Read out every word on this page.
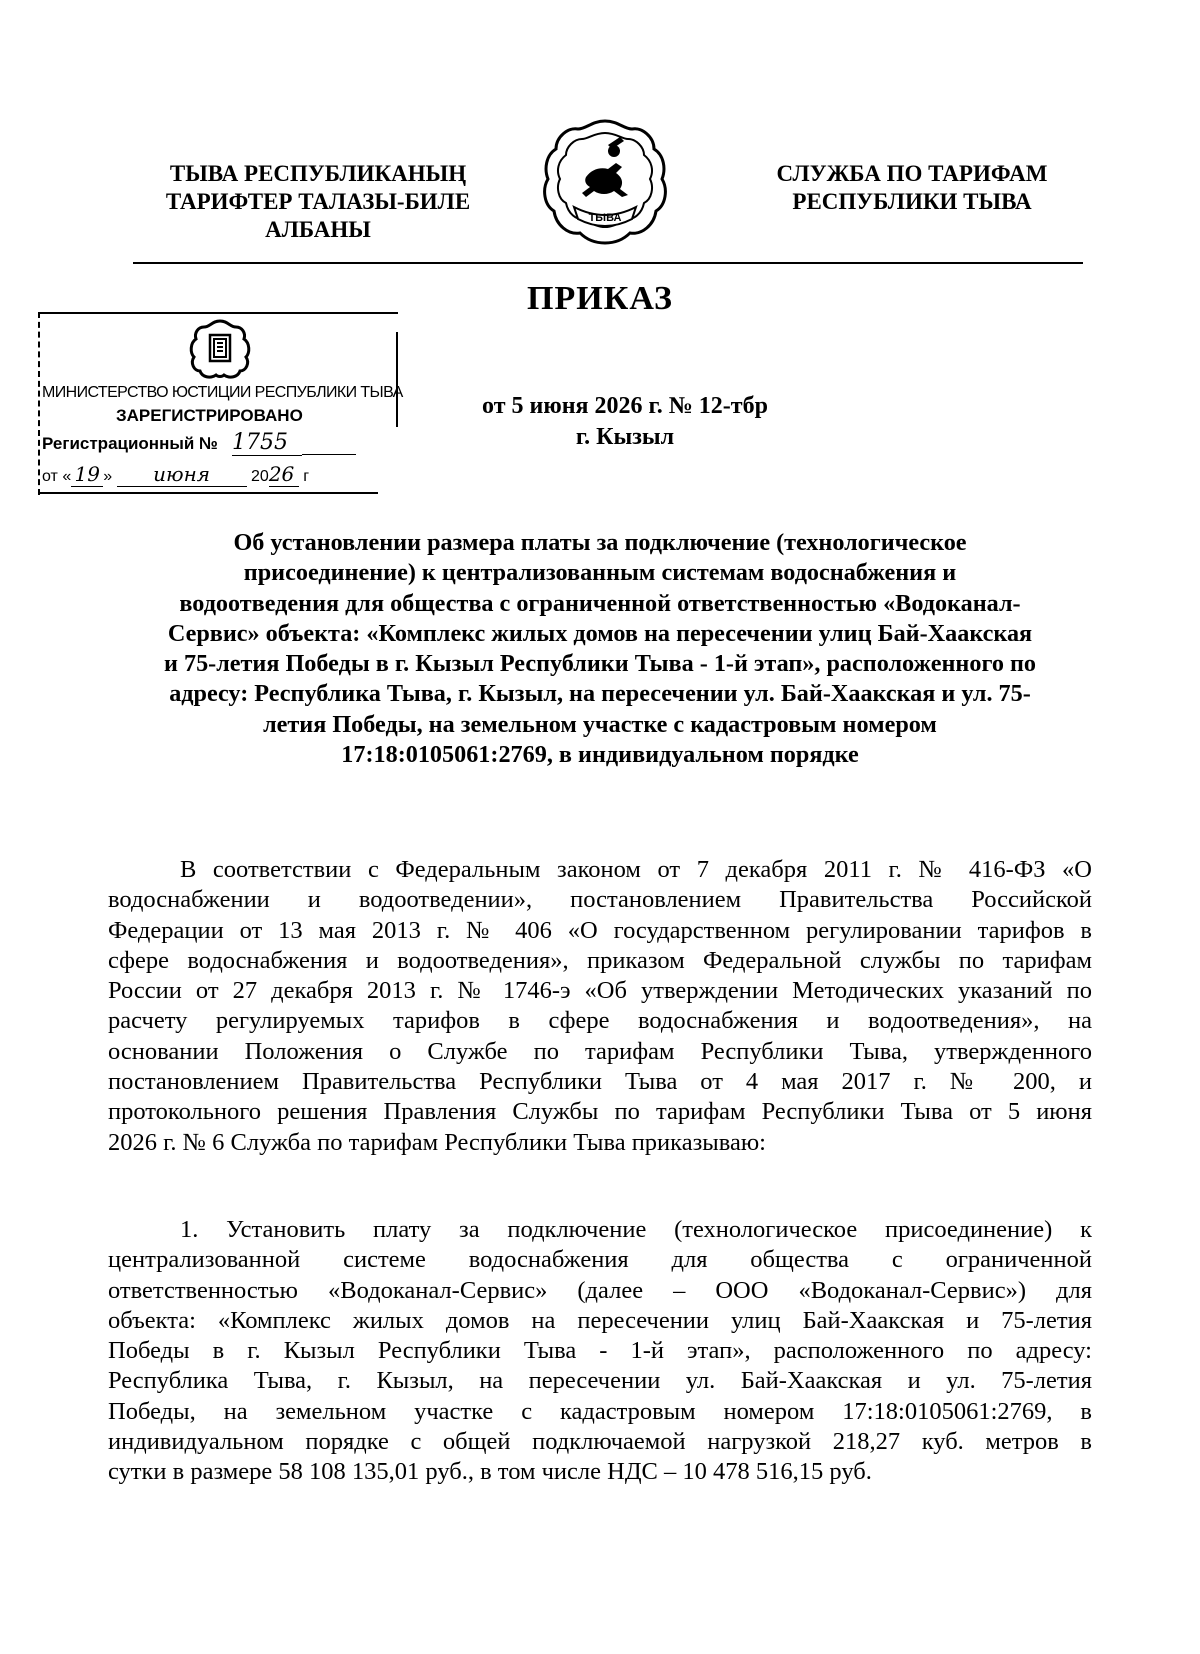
ТЫВА РЕСПУБЛИКАНЫҢ
ТАРИФТЕР ТАЛАЗЫ-БИЛЕ
АЛБАНЫ	ТЫВА
СЛУЖБА ПО ТАРИФАМ
РЕСПУБЛИКИ ТЫВА
ПРИКАЗ
МИНИСТЕРСТВО ЮСТИЦИИ РЕСПУБЛИКИ ТЫВА
ЗАРЕГИСТРИРОВАНО
Регистрационный № 1755
от « 19 » июня	2026 г
от 5 июня 2026 г. № 12-тбр
г. Кызыл
Об установлении размера платы за подключение (технологическое
присоединение) к централизованным системам водоснабжения и
водоотведения для общества с ограниченной ответственностью «Водоканал-
Сервис» объекта: «Комплекс жилых домов на пересечении улиц Бай-Хаакская
и 75-летия Победы в г. Кызыл Республики Тыва - 1-й этап», расположенного по
адресу: Республика Тыва, г. Кызыл, на пересечении ул. Бай-Хаакская и ул. 75-
летия Победы, на земельном участке с кадастровым номером
17:18:0105061:2769, в индивидуальном порядке
В соответствии с Федеральным законом от 7 декабря 2011 г. № 416-ФЗ «О
водоснабжении и водоотведении», постановлением Правительства Российской
Федерации от 13 мая 2013 г. № 406 «О государственном регулировании тарифов в
сфере водоснабжения и водоотведения», приказом Федеральной службы по тарифам
России от 27 декабря 2013 г. № 1746-э «Об утверждении Методических указаний по
расчету регулируемых тарифов в сфере водоснабжения и водоотведения», на
основании Положения о Службе по тарифам Республики Тыва, утвержденного
постановлением Правительства Республики Тыва от 4 мая 2017 г. № 200, и
протокольного решения Правления Службы по тарифам Республики Тыва от 5 июня
2026 г. № 6 Служба по тарифам Республики Тыва приказываю:
1. Установить плату за подключение (технологическое присоединение) к
централизованной системе водоснабжения для общества с ограниченной
ответственностью «Водоканал-Сервис» (далее – ООО «Водоканал-Сервис») для
объекта: «Комплекс жилых домов на пересечении улиц Бай-Хаакская и 75-летия
Победы в г. Кызыл Республики Тыва - 1-й этап», расположенного по адресу:
Республика Тыва, г. Кызыл, на пересечении ул. Бай-Хаакская и ул. 75-летия
Победы, на земельном участке с кадастровым номером 17:18:0105061:2769, в
индивидуальном порядке с общей подключаемой нагрузкой 218,27 куб. метров в
сутки в размере 58 108 135,01 руб., в том числе НДС – 10 478 516,15 руб.
